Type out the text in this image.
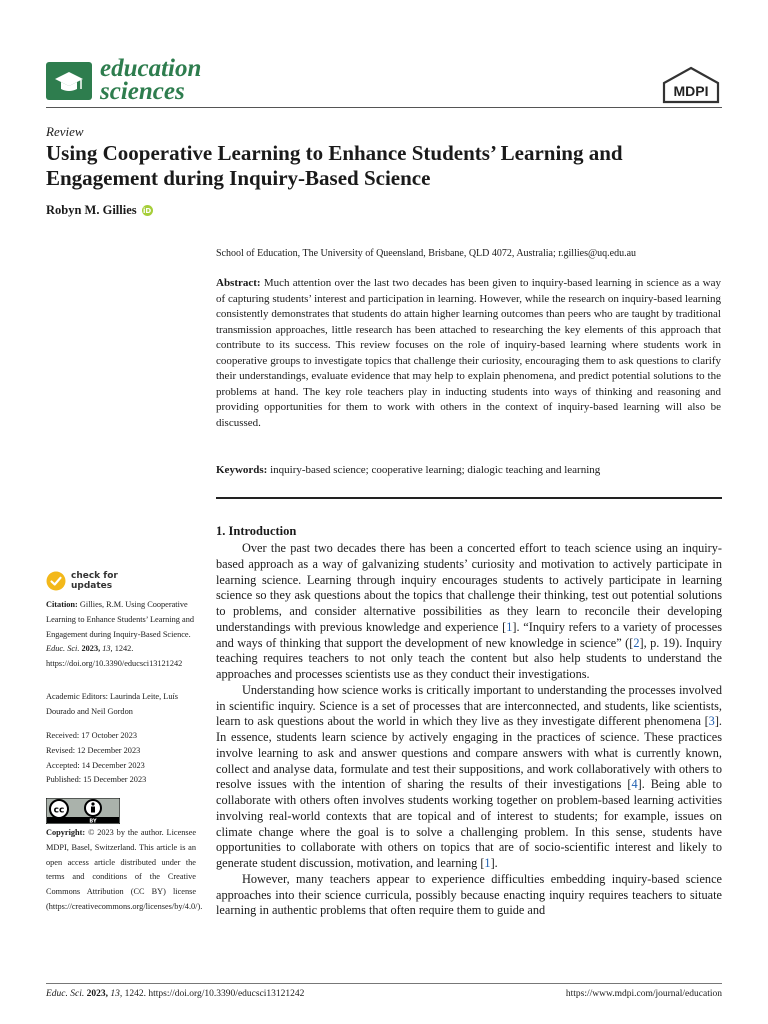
education
sciences	MDPI
Review
Using Cooperative Learning to Enhance Students’ Learning and Engagement during Inquiry-Based Science
Robyn M. Gillies iD
School of Education, The University of Queensland, Brisbane, QLD 4072, Australia; r.gillies@uq.edu.au
Abstract: Much attention over the last two decades has been given to inquiry-based learning in science as a way of capturing students’ interest and participation in learning. However, while the research on inquiry-based learning consistently demonstrates that students do attain higher learning outcomes than peers who are taught by traditional transmission approaches, little research has been attached to researching the key elements of this approach that contribute to its success. This review focuses on the role of inquiry-based learning where students work in cooperative groups to investigate topics that challenge their curiosity, encouraging them to ask questions to clarify their understandings, evaluate evidence that may help to explain phenomena, and predict potential solutions to the problems at hand. The key role teachers play in inducting students into ways of thinking and reasoning and providing opportunities for them to work with others in the context of inquiry-based learning will also be discussed.
Keywords: inquiry-based science; cooperative learning; dialogic teaching and learning
check for
updates
Citation: Gillies, R.M. Using Cooperative Learning to Enhance Students’ Learning and Engagement during Inquiry-Based Science. Educ. Sci. 2023, 13, 1242. https://doi.org/10.3390/educsci13121242
Academic Editors: Laurinda Leite, Luís Dourado and Neil Gordon
Received: 17 October 2023
Revised: 12 December 2023
Accepted: 14 December 2023
Published: 15 December 2023
cc
BY
Copyright: © 2023 by the author. Licensee MDPI, Basel, Switzerland. This article is an open access article distributed under the terms and conditions of the Creative Commons Attribution (CC BY) license (https://creativecommons.org/licenses/by/4.0/).
1. Introduction

Over the past two decades there has been a concerted effort to teach science using an inquiry-based approach as a way of galvanizing students’ curiosity and motivation to actively participate in learning science. Learning through inquiry encourages students to actively participate in learning science so they ask questions about the topics that challenge their thinking, test out potential solutions to problems, and consider alternative possibilities as they learn to reconcile their developing understandings with previous knowledge and experience [1]. “Inquiry refers to a variety of processes and ways of thinking that support the development of new knowledge in science” ([2], p. 19). Inquiry teaching requires teachers to not only teach the content but also help students to understand the approaches and processes scientists use as they conduct their investigations.

Understanding how science works is critically important to understanding the processes involved in scientific inquiry. Science is a set of processes that are interconnected, and students, like scientists, learn to ask questions about the world in which they live as they investigate different phenomena [3]. In essence, students learn science by actively engaging in the practices of science. These practices involve learning to ask and answer questions and compare answers with what is currently known, collect and analyse data, formulate and test their suppositions, and work collaboratively with others to resolve issues with the intention of sharing the results of their investigations [4]. Being able to collaborate with others often involves students working together on problem-based learning activities involving real-world contexts that are topical and of interest to students; for example, issues on climate change where the goal is to solve a challenging problem. In this sense, students have opportunities to collaborate with others on topics that are of socio-scientific interest and likely to generate student discussion, motivation, and learning [1].

However, many teachers appear to experience difficulties embedding inquiry-based science approaches into their science curricula, possibly because enacting inquiry requires teachers to situate learning in authentic problems that often require them to guide and

Educ. Sci. 2023, 13, 1242. https://doi.org/10.3390/educsci13121242	https://www.mdpi.com/journal/education
